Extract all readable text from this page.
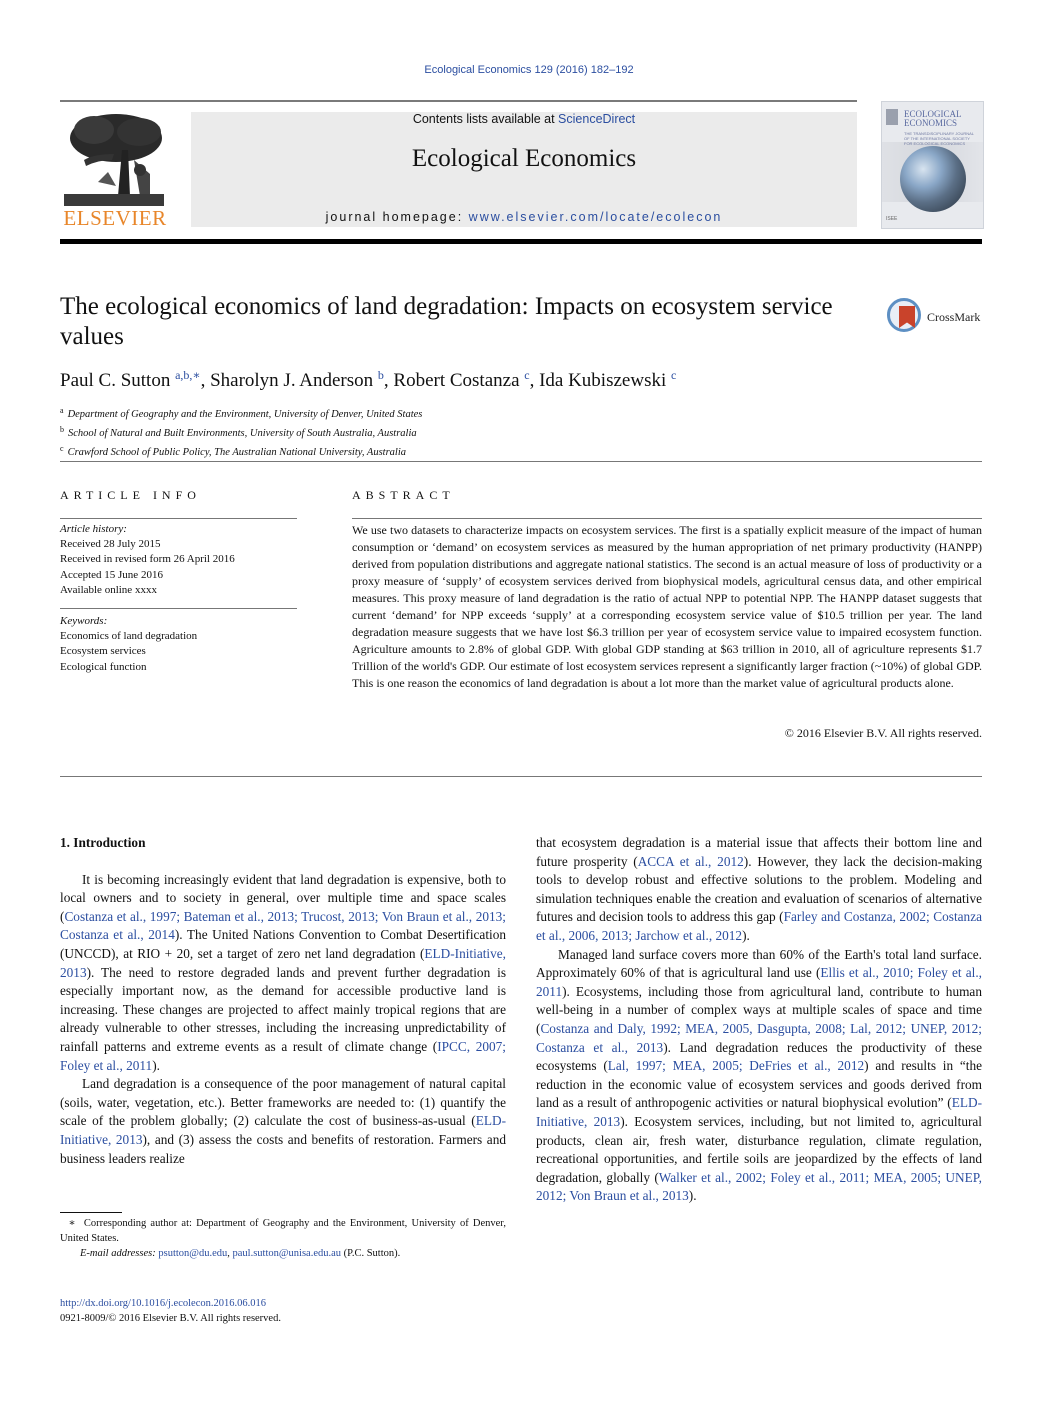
Ecological Economics 129 (2016) 182–192
ELSEVIER
Contents lists available at ScienceDirect
Ecological Economics
journal homepage: www.elsevier.com/locate/ecolecon
ECOLOGICAL
ECONOMICS
THE TRANSDISCIPLINARY JOURNAL OF THE INTERNATIONAL SOCIETY FOR ECOLOGICAL ECONOMICS
ISEE
The ecological economics of land degradation: Impacts on ecosystem service values
CrossMark
Paul C. Sutton $^{a,b,∗}$, Sharolyn J. Anderson $^b$, Robert Costanza $^c$, Ida Kubiszewski $^c$
$^a$ Department of Geography and the Environment, University of Denver, United States
$^b$ School of Natural and Built Environments, University of South Australia, Australia
$^c$ Crawford School of Public Policy, The Australian National University, Australia
ARTICLE INFO	ABSTRACT
Article history:
Received 28 July 2015
Received in revised form 26 April 2016
Accepted 15 June 2016
Available online xxxx
Keywords:
Economics of land degradation
Ecosystem services
Ecological function
We use two datasets to characterize impacts on ecosystem services. The first is a spatially explicit measure of the impact of human consumption or ‘demand’ on ecosystem services as measured by the human appropriation of net primary productivity (HANPP) derived from population distributions and aggregate national statistics. The second is an actual measure of loss of productivity or a proxy measure of ‘supply’ of ecosystem services derived from biophysical models, agricultural census data, and other empirical measures. This proxy measure of land degradation is the ratio of actual NPP to potential NPP. The HANPP dataset suggests that current ‘demand’ for NPP exceeds ‘supply’ at a corresponding ecosystem service value of $10.5 trillion per year. The land degradation measure suggests that we have lost $6.3 trillion per year of ecosystem service value to impaired ecosystem function. Agriculture amounts to 2.8% of global GDP. With global GDP standing at $63 trillion in 2010, all of agriculture represents $1.7 Trillion of the world's GDP. Our estimate of lost ecosystem services represent a significantly larger fraction (~10%) of global GDP. This is one reason the economics of land degradation is about a lot more than the market value of agricultural products alone.
© 2016 Elsevier B.V. All rights reserved.
1. Introduction

It is becoming increasingly evident that land degradation is expensive, both to local owners and to society in general, over multiple time and space scales (Costanza et al., 1997; Bateman et al., 2013; Trucost, 2013; Von Braun et al., 2013; Costanza et al., 2014). The United Nations Convention to Combat Desertification (UNCCD), at RIO + 20, set a target of zero net land degradation (ELD-Initiative, 2013). The need to restore degraded lands and prevent further degradation is especially important now, as the demand for accessible productive land is increasing. These changes are projected to affect mainly tropical regions that are already vulnerable to other stresses, including the increasing unpredictability of rainfall patterns and extreme events as a result of climate change (IPCC, 2007; Foley et al., 2011).

Land degradation is a consequence of the poor management of natural capital (soils, water, vegetation, etc.). Better frameworks are needed to: (1) quantify the scale of the problem globally; (2) calculate the cost of business-as-usual (ELD-Initiative, 2013), and (3) assess the costs and benefits of restoration. Farmers and business leaders realize

that ecosystem degradation is a material issue that affects their bottom line and future prosperity (ACCA et al., 2012). However, they lack the decision-making tools to develop robust and effective solutions to the problem. Modeling and simulation techniques enable the creation and evaluation of scenarios of alternative futures and decision tools to address this gap (Farley and Costanza, 2002; Costanza et al., 2006, 2013; Jarchow et al., 2012).

Managed land surface covers more than 60% of the Earth's total land surface. Approximately 60% of that is agricultural land use (Ellis et al., 2010; Foley et al., 2011). Ecosystems, including those from agricultural land, contribute to human well-being in a number of complex ways at multiple scales of space and time (Costanza and Daly, 1992; MEA, 2005, Dasgupta, 2008; Lal, 2012; UNEP, 2012; Costanza et al., 2013). Land degradation reduces the productivity of these ecosystems (Lal, 1997; MEA, 2005; DeFries et al., 2012) and results in “the reduction in the economic value of ecosystem services and goods derived from land as a result of anthropogenic activities or natural biophysical evolution” (ELD-Initiative, 2013). Ecosystem services, including, but not limited to, agricultural products, clean air, fresh water, disturbance regulation, climate regulation, recreational opportunities, and fertile soils are jeopardized by the effects of land degradation, globally (Walker et al., 2002; Foley et al., 2011; MEA, 2005; UNEP, 2012; Von Braun et al., 2013).

∗ Corresponding author at: Department of Geography and the Environment, University of Denver, United States.

E-mail addresses: psutton@du.edu, paul.sutton@unisa.edu.au (P.C. Sutton).

http://dx.doi.org/10.1016/j.ecolecon.2016.06.016
0921-8009/© 2016 Elsevier B.V. All rights reserved.
